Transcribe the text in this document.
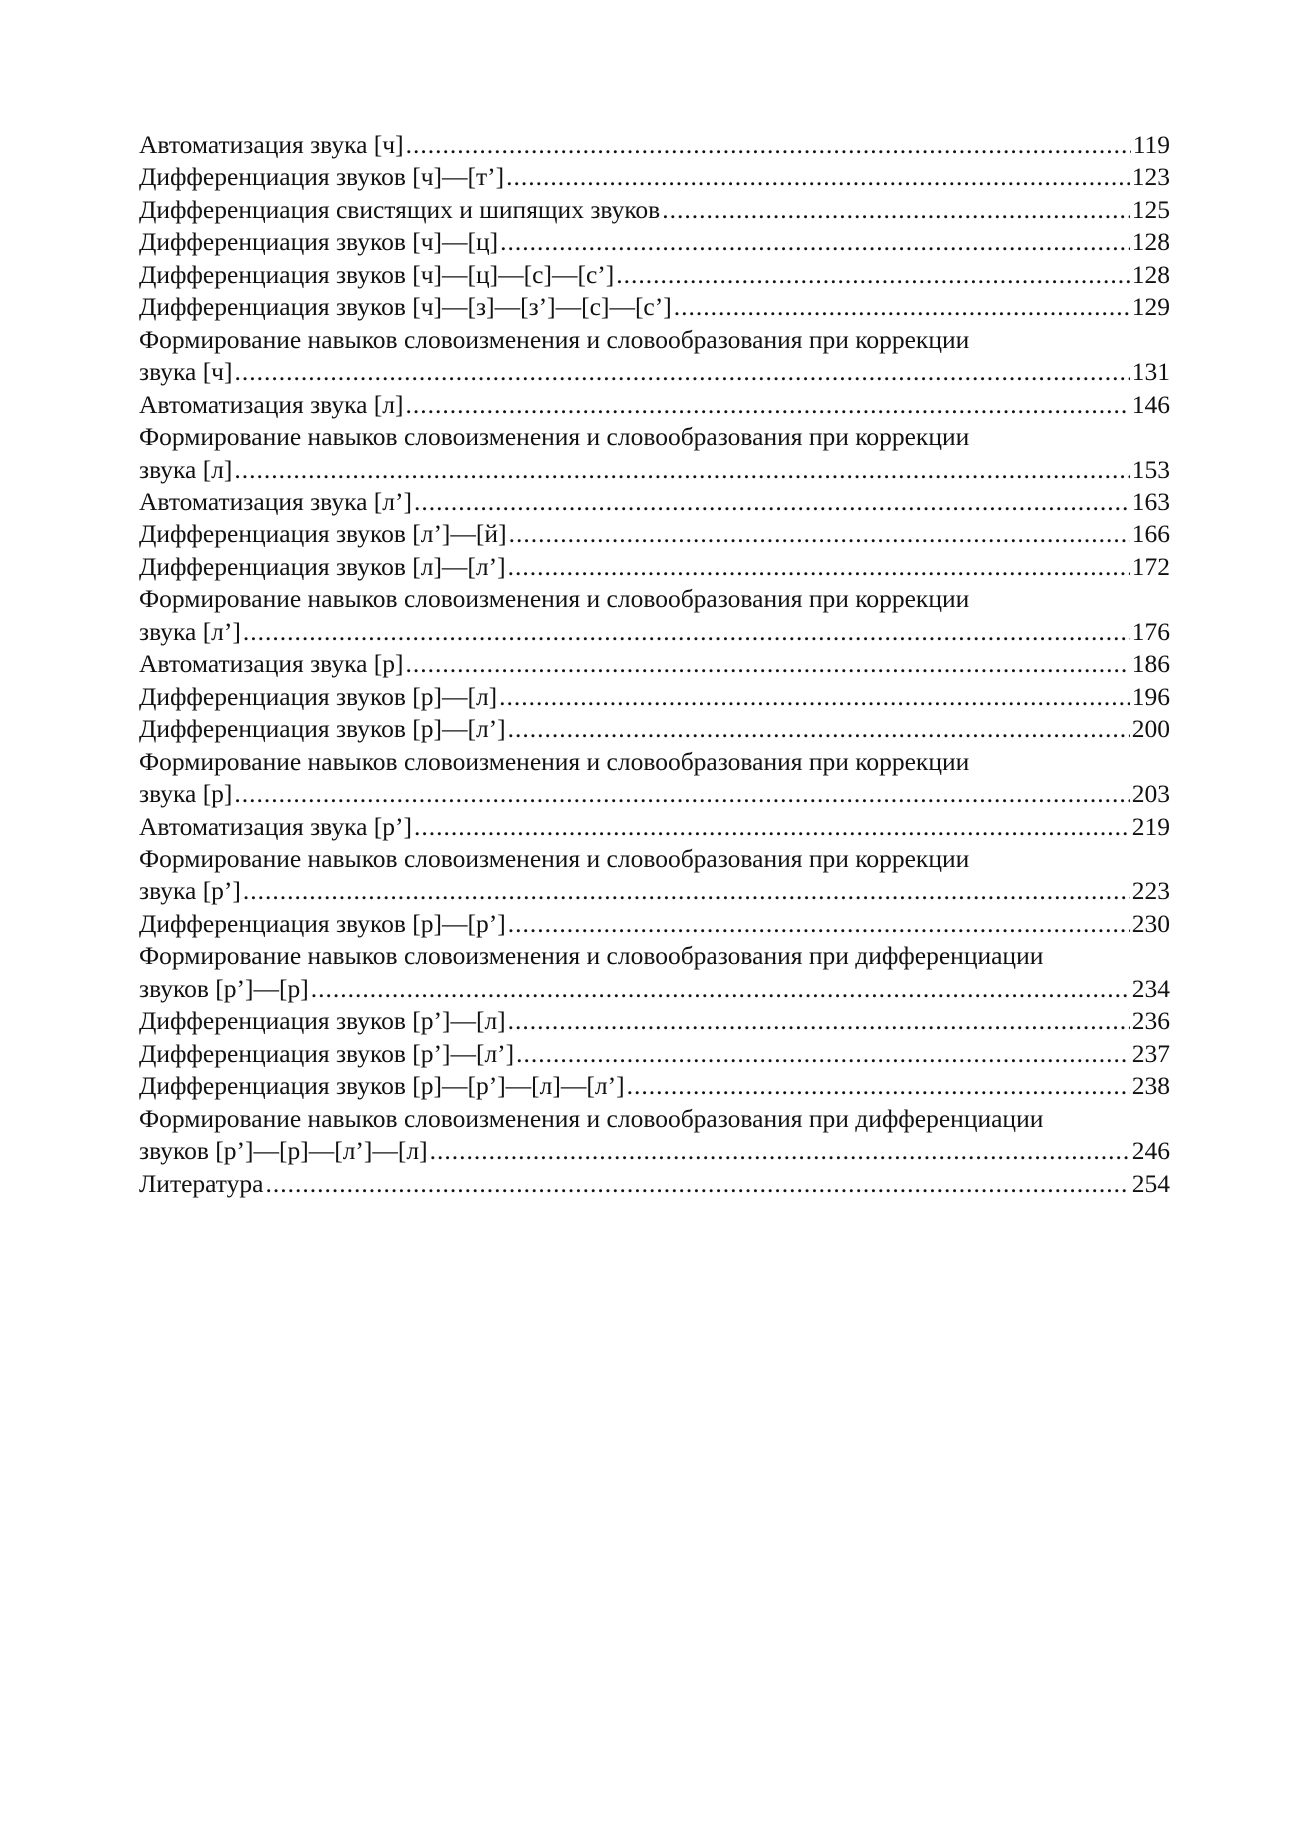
Автоматизация звука [ч] .....	119
Дифференциация звуков [ч]—[т’] .....	123
Дифференциация свистящих и шипящих звуков .....	125
Дифференциация звуков [ч]—[ц] .....	128
Дифференциация звуков [ч]—[ц]—[с]—[с’] .....	128
Дифференциация звуков [ч]—[з]—[з’]—[с]—[с’] .....	129
Формирование навыков словоизменения и словообразования при коррекции
звука [ч] .....	131
Автоматизация звука [л] .....	146
Формирование навыков словоизменения и словообразования при коррекции
звука [л] .....	153
Автоматизация звука [л’] .....	163
Дифференциация звуков [л’]—[й] .....	166
Дифференциация звуков [л]—[л’] .....	172
Формирование навыков словоизменения и словообразования при коррекции
звука [л’] .....	176
Автоматизация звука [р] .....	186
Дифференциация звуков [р]—[л] .....	196
Дифференциация звуков [р]—[л’] .....	200
Формирование навыков словоизменения и словообразования при коррекции
звука [р] .....	203
Автоматизация звука [р’] .....	219
Формирование навыков словоизменения и словообразования при коррекции
звука [р’] .....	223
Дифференциация звуков [р]—[р’] .....	230
Формирование навыков словоизменения и словообразования при дифференциации
звуков [р’]—[р] .....	234
Дифференциация звуков [р’]—[л] .....	236
Дифференциация звуков [р’]—[л’] .....	237
Дифференциация звуков [р]—[р’]—[л]—[л’] .....	238
Формирование навыков словоизменения и словообразования при дифференциации
звуков [р’]—[р]—[л’]—[л] .....	246
Литература .....	254
